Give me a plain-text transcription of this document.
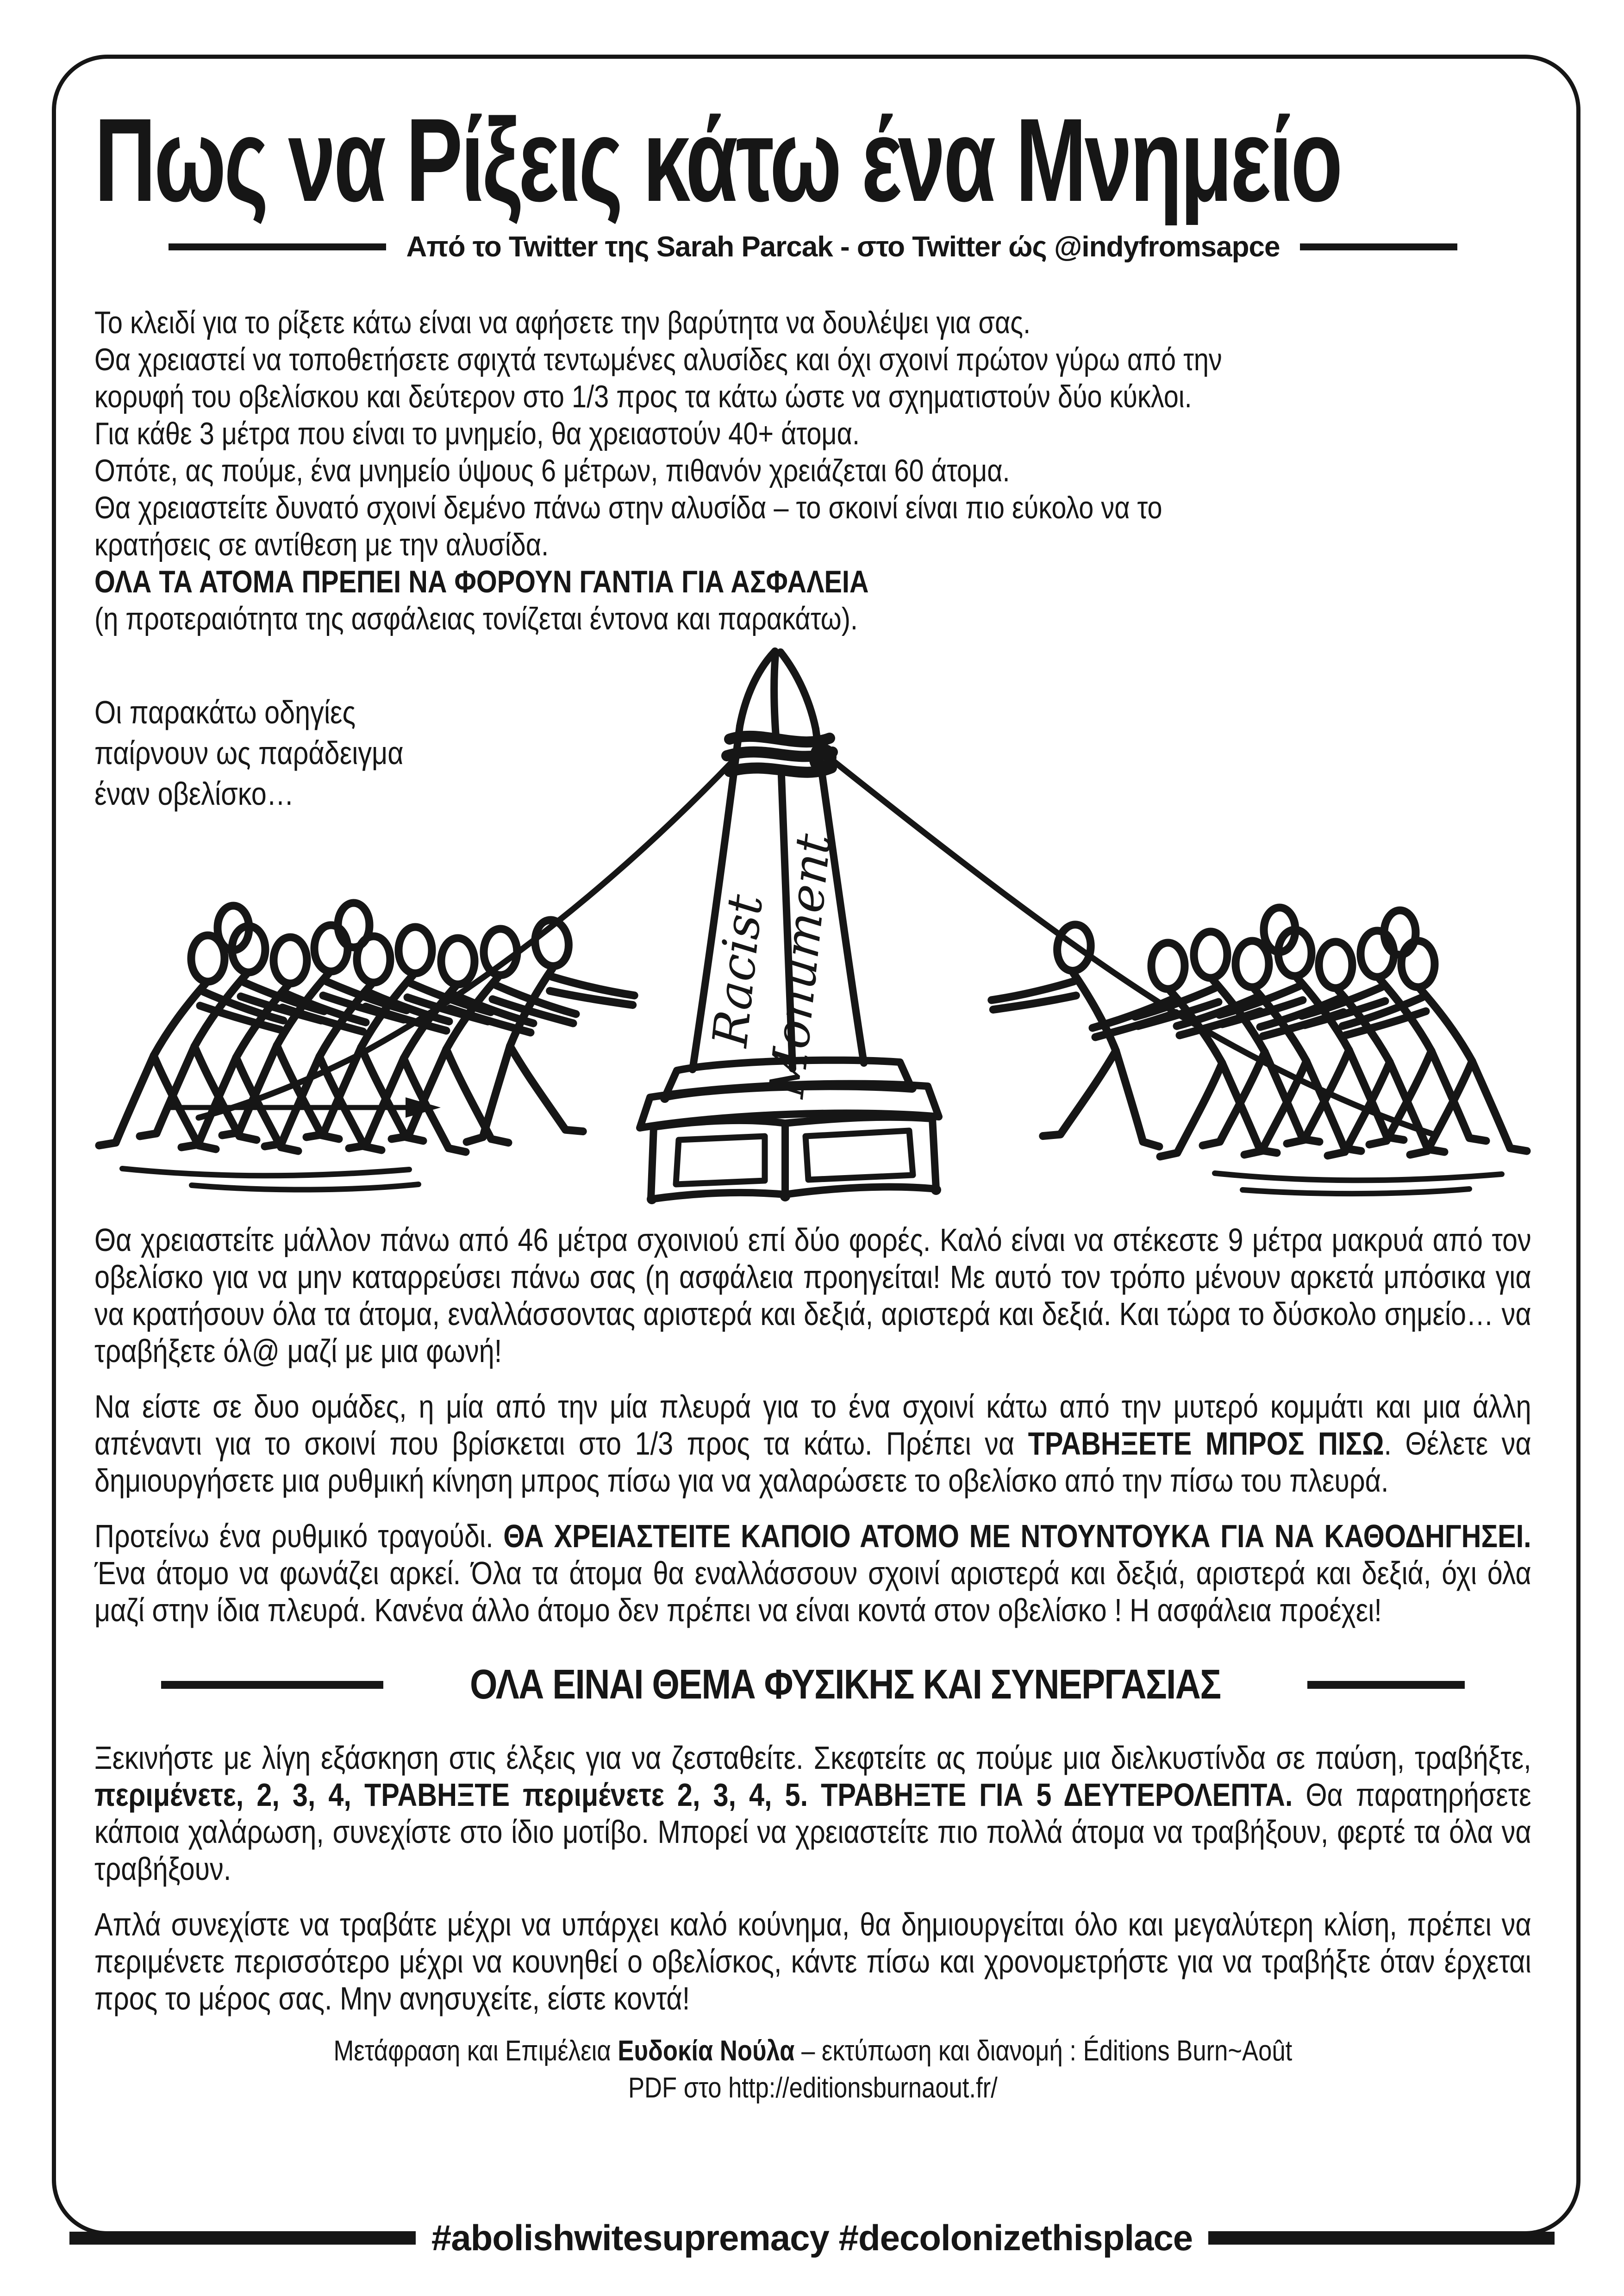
Πως να Ρίξεις κάτω ένα Μνημείο
Από το Twitter της Sarah Parcak - στο Twitter ώς @indyfromsapce
Το κλειδί για το ρίξετε κάτω είναι να αφήσετε την βαρύτητα να δουλέψει για σας.
Θα χρειαστεί να τοποθετήσετε σφιχτά τεντωμένες αλυσίδες και όχι σχοινί πρώτον γύρω από την
κορυφή του οβελίσκου και δεύτερον στο 1/3 προς τα κάτω ώστε να σχηματιστούν δύο κύκλοι.
Για κάθε 3 μέτρα που είναι το μνημείο, θα χρειαστούν 40+ άτομα.
Οπότε, ας πούμε, ένα μνημείο ύψους 6 μέτρων, πιθανόν χρειάζεται 60 άτομα.
Θα χρειαστείτε δυνατό σχοινί δεμένο πάνω στην αλυσίδα – το σκοινί είναι πιο εύκολο να το
κρατήσεις σε αντίθεση με την αλυσίδα.
ΟΛΑ ΤΑ ΑΤΟΜΑ ΠΡΕΠΕΙ ΝΑ ΦΟΡΟΥΝ ΓΑΝΤΙΑ ΓΙΑ ΑΣΦΑΛΕΙΑ
(η προτεραιότητα της ασφάλειας τονίζεται έντονα και παρακάτω).
Οι παρακάτω οδηγίες
παίρνουν ως παράδειγμα
έναν οβελίσκο…
Racist
Monument

Θα χρειαστείτε μάλλον πάνω από 46 μέτρα σχοινιού επί δύο φορές. Καλό είναι να στέκεστε 9 μέτρα μακρυά από τον οβελίσκο για να μην καταρρεύσει πάνω σας (η ασφάλεια προηγείται! Με αυτό τον τρόπο μένουν αρκετά μπόσικα για να κρατήσουν όλα τα άτομα, εναλλάσσοντας αριστερά και δεξιά, αριστερά και δεξιά. Και τώρα το δύσκολο σημείο… να τραβήξετε όλ@ μαζί με μια φωνή!

Να είστε σε δυο ομάδες, η μία από την μία πλευρά για το ένα σχοινί κάτω από την μυτερό κομμάτι και μια άλλη απέναντι για το σκοινί που βρίσκεται στο 1/3 προς τα κάτω. Πρέπει να ΤΡΑΒΗΞΕΤΕ ΜΠΡΟΣ ΠΙΣΩ. Θέλετε να δημιουργήσετε μια ρυθμική κίνηση μπρος πίσω για να χαλαρώσετε το οβελίσκο από την πίσω του πλευρά.

Προτείνω ένα ρυθμικό τραγούδι. ΘΑ ΧΡΕΙΑΣΤΕΙΤΕ ΚΑΠΟΙΟ ΑΤΟΜΟ ΜΕ ΝΤΟΥΝΤΟΥΚΑ ΓΙΑ ΝΑ ΚΑΘΟΔΗΓΗΣΕΙ. Ένα άτομο να φωνάζει αρκεί. Όλα τα άτομα θα εναλλάσσουν σχοινί αριστερά και δεξιά, αριστερά και δεξιά, όχι όλα μαζί στην ίδια πλευρά. Κανένα άλλο άτομο δεν πρέπει να είναι κοντά στον οβελίσκο ! Η ασφάλεια προέχει!

ΟΛΑ ΕΙΝΑΙ ΘΕΜΑ ΦΥΣΙΚΗΣ ΚΑΙ ΣΥΝΕΡΓΑΣΙΑΣ

Ξεκινήστε με λίγη εξάσκηση στις έλξεις για να ζεσταθείτε. Σκεφτείτε ας πούμε μια διελκυστίνδα σε παύση, τραβήξτε, περιμένετε, 2, 3, 4, ΤΡΑΒΗΞΤΕ περιμένετε 2, 3, 4, 5. ΤΡΑΒΗΞΤΕ ΓΙΑ 5 ΔΕΥΤΕΡΟΛΕΠΤΑ. Θα παρατηρήσετε κάποια χαλάρωση, συνεχίστε στο ίδιο μοτίβο. Μπορεί να χρειαστείτε πιο πολλά άτομα να τραβήξουν, φερτέ τα όλα να τραβήξουν.

Απλά συνεχίστε να τραβάτε μέχρι να υπάρχει καλό κούνημα, θα δημιουργείται όλο και μεγαλύτερη κλίση, πρέπει να περιμένετε περισσότερο μέχρι να κουνηθεί ο οβελίσκος, κάντε πίσω και χρονομετρήστε για να τραβήξτε όταν έρχεται προς το μέρος σας. Μην ανησυχείτε, είστε κοντά!

Μετάφραση και Επιμέλεια Ευδοκία Νούλα – εκτύπωση και διανομή : Éditions Burn~Août
PDF στο http://editionsburnaout.fr/
#abolishwitesupremacy #decolonizethisplace
